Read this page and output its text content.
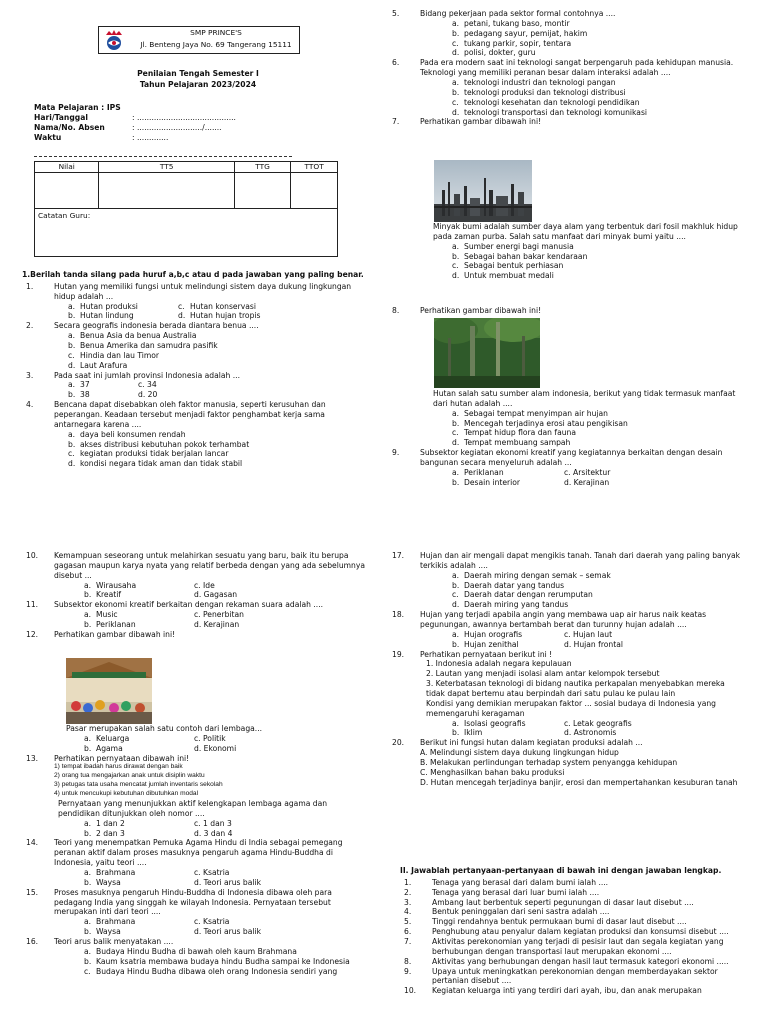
SMP PRINCE'S
Jl. Benteng Jaya No. 69 Tangerang 15111
Penilaian Tengah Semester I
Tahun Pelajaran 2023/2024
Mata Pelajaran : IPS
Hari/Tanggal	: .........................................
Nama/No. Absen	: .........................../.......
Waktu	: .............
Nilai	TT5	TTG	TTOT

Catatan Guru:			
1.Berilah tanda silang pada huruf a,b,c atau d pada jawaban yang paling benar.
1.	Hutan yang memiliki fungsi untuk melindungi sistem daya dukung lingkungan hidup adalah ...
a. Hutan produksi	c. Hutan konservasi
b. Hutan lindung	d. Hutan hujan tropis
2.	Secara geografis indonesia berada diantara benua ....
a. Benua Asia da benua Australia
b. Benua Amerika dan samudra pasifik
c. Hindia dan lau Timor
d. Laut Arafura
3.	Pada saat ini jumlah provinsi Indonesia adalah ...
a. 37	c. 34
b. 38	d. 20
4.	Bencana dapat disebabkan oleh faktor manusia, seperti kerusuhan dan peperangan. Keadaan tersebut menjadi faktor penghambat kerja sama antarnegara karena ....
a. daya beli konsumen rendah
b. akses distribusi kebutuhan pokok terhambat
c. kegiatan produksi tidak berjalan lancar
d. kondisi negara tidak aman dan tidak stabil
5.	Bidang pekerjaan pada sektor formal contohnya ....
a. petani, tukang baso, montir
b. pedagang sayur, pemijat, hakim
c. tukang parkir, sopir, tentara
d. polisi, dokter, guru
6.	Pada era modern saat ini teknologi sangat berpengaruh pada kehidupan manusia. Teknologi yang memiliki peranan besar dalam interaksi adalah ....
a. teknologi industri dan teknologi pangan
b. teknologi produksi dan teknologi distribusi
c. teknologi kesehatan dan teknologi pendidikan
d. teknologi transportasi dan teknologi komunikasi
7.	Perhatikan gambar dibawah ini!
Minyak bumi adalah sumber daya alam yang terbentuk dari fosil makhluk hidup pada zaman purba. Salah satu manfaat dari minyak bumi yaitu ....
a. Sumber energi bagi manusia
b. Sebagai bahan bakar kendaraan
c. Sebagai bentuk perhiasan
d. Untuk membuat medali
8.	Perhatikan gambar dibawah ini!
Hutan salah satu sumber alam indonesia, berikut yang tidak termasuk manfaat dari hutan adalah ....
a. Sebagai tempat menyimpan air hujan
b. Mencegah terjadinya erosi atau pengikisan
c. Tempat hidup flora dan fauna
d. Tempat membuang sampah
9.	Subsektor kegiatan ekonomi kreatif yang kegiatannya berkaitan dengan desain bangunan secara menyeluruh adalah ...
a. Periklanan	c. Arsitektur
b. Desain interior	d. Kerajinan
10. Kemampuan seseorang untuk melahirkan sesuatu yang baru, baik itu berupa gagasan maupun karya nyata yang relatif berbeda dengan yang ada sebelumnya disebut ...
a. Wirausaha	c. Ide
b. Kreatif	d. Gagasan
11. Subsektor ekonomi kreatif berkaitan dengan rekaman suara adalah ....
a. Music	c. Penerbitan
b. Periklanan	d. Kerajinan
12. Perhatikan gambar dibawah ini!
Pasar merupakan salah satu contoh dari lembaga...
a. Keluarga	c. Politik
b. Agama	d. Ekonomi
13. Perhatikan pernyataan dibawah ini!
1) tempat ibadah harus dirawat dengan baik
2) orang tua mengajarkan anak untuk disiplin waktu
3) petugas tata usaha mencatat jumlah inventaris sekolah
4) untuk mencukupi kebutuhan dibutuhkan modal
Pernyataan yang menunjukkan aktif kelengkapan lembaga agama dan pendidikan ditunjukkan oleh nomor ....
a. 1 dan 2	c. 1 dan 3
b. 2 dan 3	d. 3 dan 4
14. Teori yang menempatkan Pemuka Agama Hindu di India sebagai pemegang peranan aktif dalam proses masuknya pengaruh agama Hindu-Buddha di Indonesia, yaitu teori ....
a. Brahmana	c. Ksatria
b. Waysa	d. Teori arus balik
15. Proses masuknya pengaruh Hindu-Buddha di Indonesia dibawa oleh para pedagang India yang singgah ke wilayah Indonesia. Pernyataan tersebut merupakan inti dari teori ....
a. Brahmana	c. Ksatria
b. Waysa	d. Teori arus balik
16. Teori arus balik menyatakan ....
a. Budaya Hindu Budha di bawah oleh kaum Brahmana
b. Kaum ksatria membawa budaya hindu Budha sampai ke Indonesia
c. Budaya Hindu Budha dibawa oleh orang Indonesia sendiri yang
17. Hujan dan air mengali dapat mengikis tanah. Tanah dari daerah yang paling banyak terkikis adalah ....
a. Daerah miring dengan semak – semak
b. Daerah datar yang tandus
c. Daerah datar dengan rerumputan
d. Daerah miring yang tandus
18. Hujan yang terjadi apabila angin yang membawa uap air harus naik keatas pegunungan, awannya bertambah berat dan turunny hujan adalah ....
a. Hujan orografis	c. Hujan laut
b. Hujan zenithal	d. Hujan frontal
19. Perhatikan pernyataan berikut ini !
1. Indonesia adalah negara kepulauan
2. Lautan yang menjadi isolasi alam antar kelompok tersebut
3. Keterbatasan teknologi di bidang nautika perkapalan menyebabkan mereka tidak dapat bertemu atau berpindah dari satu pulau ke pulau lain
Kondisi yang demikian merupakan faktor ... sosial budaya di Indonesia yang memengaruhi keragaman
a. Isolasi geografis	c. Letak geografis
b. Iklim	d. Astronomis
20. Berikut ini fungsi hutan dalam kegiatan produksi adalah ...
A. Melindungi sistem daya dukung lingkungan hidup
B. Melakukan perlindungan terhadap system penyangga kehidupan
C. Menghasilkan bahan baku produksi
D. Hutan mencegah terjadinya banjir, erosi dan mempertahankan kesuburan tanah
II. Jawablah pertanyaan-pertanyaan di bawah ini dengan jawaban lengkap.
1.	Tenaga yang berasal dari dalam bumi ialah ....
2.	Tenaga yang berasal dari luar bumi ialah ....
3.	Ambang laut berbentuk seperti pegunungan di dasar laut disebut ....
4.	Bentuk peninggalan dari seni sastra adalah ....
5.	Tinggi rendahnya bentuk permukaan bumi di dasar laut disebut ....
6.	Penghubung atau penyalur dalam kegiatan produksi dan konsumsi disebut ....
7.	Aktivitas perekonomian yang terjadi di pesisir laut dan segala kegiatan yang berhubungan dengan transportasi laut merupakan ekonomi ....
8.	Aktivitas yang berhubungan dengan hasil laut termasuk kategori ekonomi .....
9.	Upaya untuk meningkatkan perekonomian dengan memberdayakan sektor pertanian disebut ....
10. Kegiatan keluarga inti yang terdiri dari ayah, ibu, dan anak merupakan
